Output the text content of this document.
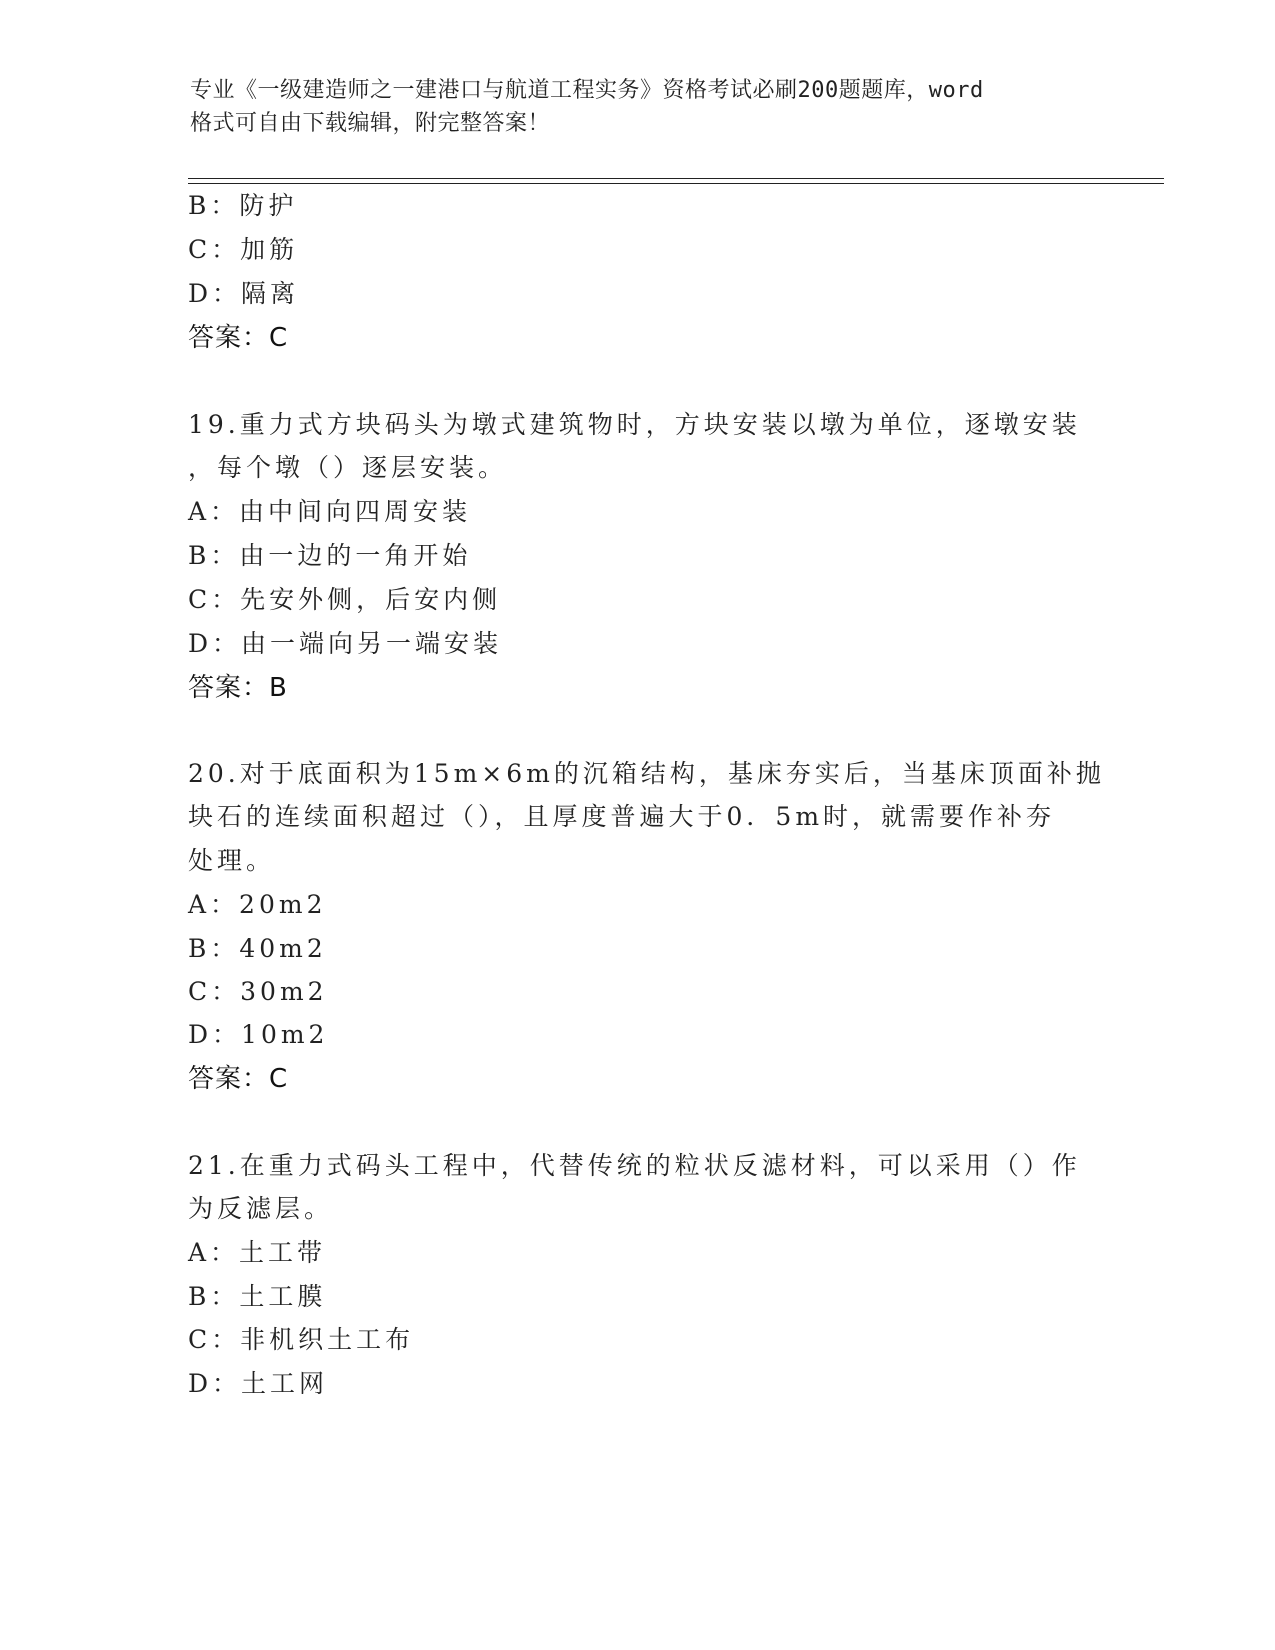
专业《一级建造师之一建港口与航道工程实务》资格考试必刷200题题库，word
格式可自由下载编辑，附完整答案！
B：防护
C：加筋
D：隔离
答案：C
19.重力式方块码头为墩式建筑物时，方块安装以墩为单位，逐墩安装
，每个墩（）逐层安装。
A：由中间向四周安装
B：由一边的一角开始
C：先安外侧，后安内侧
D：由一端向另一端安装
答案：B
20.对于底面积为15m×6m的沉箱结构，基床夯实后，当基床顶面补抛
块石的连续面积超过（），且厚度普遍大于0．5m时，就需要作补夯
处理。
A：20m2
B：40m2
C：30m2
D：10m2
答案：C
21.在重力式码头工程中，代替传统的粒状反滤材料，可以采用（）作
为反滤层。
A：土工带
B：土工膜
C：非机织土工布
D：土工网
